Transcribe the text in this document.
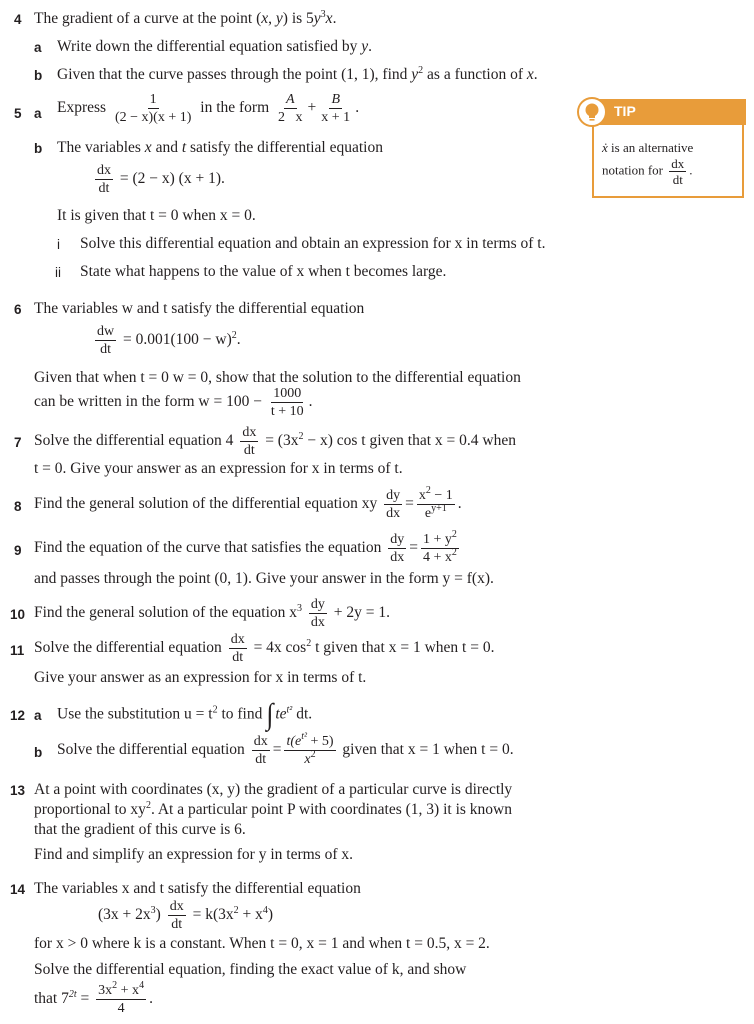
TIP
ẋ is an alternative
notation for $\frac{dx}{dt}$ .
4 The gradient of a curve at the point (x, y) is $5y^3x$.
a Write down the differential equation satisfied by y.
b Given that the curve passes through the point (1, 1), find $y^2$ as a function of x.
5 a Express $\frac{1}{(2 - x)(x + 1)}$ in the form $\frac{A}{2 x} + \frac{B}{x + 1}$ .
b The variables x and t satisfy the differential equation
$\frac{dx}{dt} = (2 - x) (x + 1)$.
It is given that t = 0 when x = 0.
i Solve this differential equation and obtain an expression for x in terms of t.
ii State what happens to the value of x when t becomes large.
6 The variables w and t satisfy the differential equation
$\frac{dw}{dt} = 0.001(100 - w)^2$.
Given that when t = 0 w = 0, show that the solution to the differential equation
can be written in the form $w = 100 - \frac{1000}{t + 10}$ .
7 Solve the differential equation $4 \frac{dx}{dt} = (3x^2 - x)$ cos t given that x = 0.4 when
t = 0. Give your answer as an expression for x in terms of t.
8 Find the general solution of the differential equation xy $\frac{dy}{dx} = \frac{x^2 - 1}{e^{y+1}}$ .
9 Find the equation of the curve that satisfies the equation $\frac{dy}{dx} = \frac{1 + y^2}{4 + x^2}$
and passes through the point (0, 1). Give your answer in the form y = f(x).
10 Find the general solution of the equation $x^3 \frac{dy}{dx} + 2y = 1$.
11 Solve the differential equation $\frac{dx}{dt} = 4x$ $\cos^2 t$ given that x = 1 when t = 0.
Give your answer as an expression for x in terms of t.
12 a Use the substitution $u = t^2$ to find ∫ $te^{t^2}$ dt.
b Solve the differential equation $\frac{dx}{dt} = \frac{t(e^{t^2} + 5)}{x^2}$ given that x = 1 when t = 0.
13 At a point with coordinates (x, y) the gradient of a particular curve is directly
proportional to $xy^2$. At a particular point P with coordinates (1, 3) it is known
that the gradient of this curve is 6.
Find and simplify an expression for y in terms of x.
14 The variables x and t satisfy the differential equation
$(3x + 2x^3) \frac{dx}{dt} = k(3x^2 + x^4)$
for x > 0 where k is a constant. When t = 0, x = 1 and when t = 0.5, x = 2.
Solve the differential equation, finding the exact value of k, and show
that $7^{2t} = \frac{3x^2 + x^4}{4}$ .
